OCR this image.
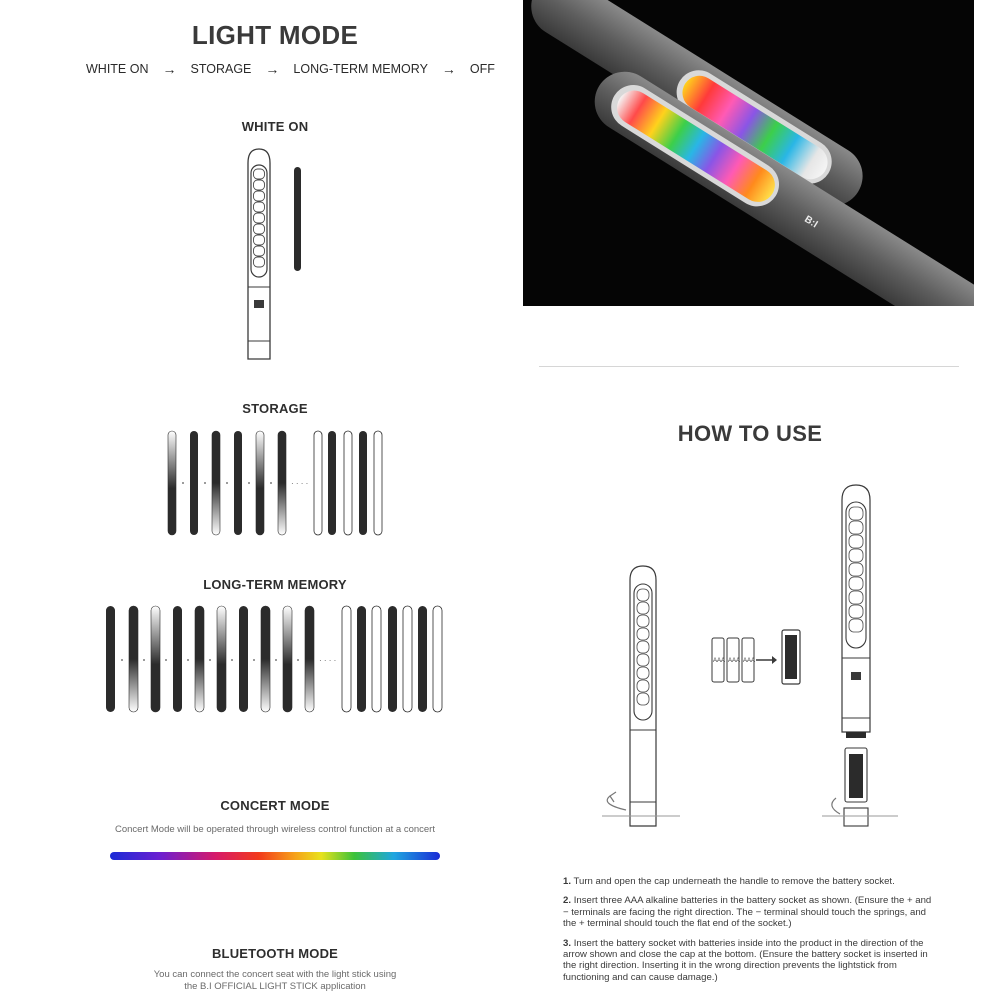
LIGHT MODE
WHITE ON → STORAGE → LONG-TERM MEMORY → OFF
WHITE ON
STORAGE
· · · ·
LONG-TERM MEMORY
· · · ·
CONCERT MODE
Concert Mode will be operated through wireless control function at a concert
BLUETOOTH MODE
You can connect the concert seat with the light stick using
the B.I OFFICIAL LIGHT STICK application
B:I
HOW TO USE
AAA AAA AAA
1. Turn and open the cap underneath the handle to remove the battery socket.
2. Insert three AAA alkaline batteries in the battery socket as shown. (Ensure the + and − terminals are facing the right direction. The − terminal should touch the springs, and the + terminal should touch the flat end of the socket.)
3. Insert the battery socket with batteries inside into the product in the direction of the arrow shown and close the cap at the bottom. (Ensure the battery socket is inserted in the right direction. Inserting it in the wrong direction prevents the lightstick from functioning and can cause damage.)
